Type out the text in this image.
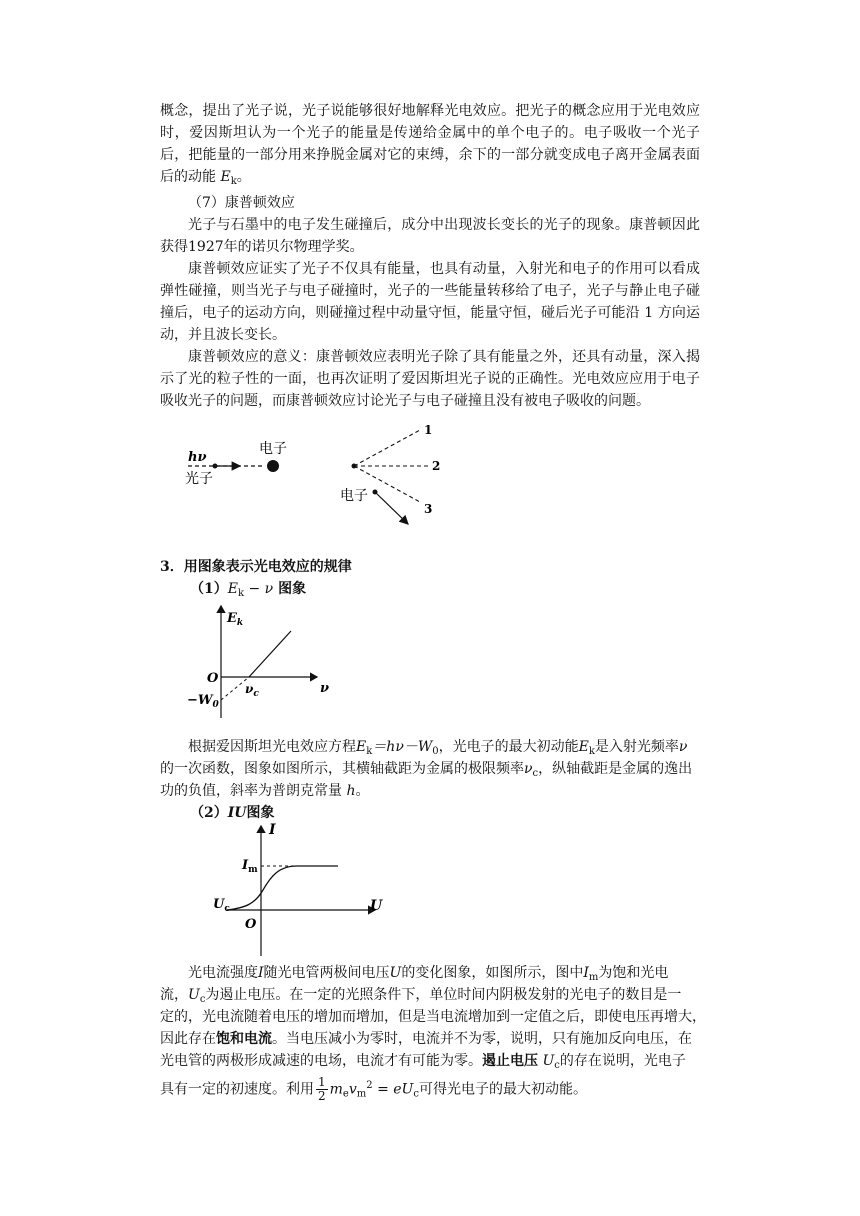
概念，提出了光子说，光子说能够很好地解释光电效应。把光子的概念应用于光电效应时，爱因斯坦认为一个光子的能量是传递给金属中的单个电子的。电子吸收一个光子后，把能量的一部分用来挣脱金属对它的束缚，余下的一部分就变成电子离开金属表面后的动能 $E_k$。

（7）康普顿效应

光子与石墨中的电子发生碰撞后，成分中出现波长变长的光子的现象。康普顿因此获得1927年的诺贝尔物理学奖。

康普顿效应证实了光子不仅具有能量，也具有动量，入射光和电子的作用可以看成弹性碰撞，则当光子与电子碰撞时，光子的一些能量转移给了电子，光子与静止电子碰撞后，电子的运动方向，则碰撞过程中动量守恒，能量守恒，碰后光子可能沿 1 方向运动，并且波长变长。

康普顿效应的意义：康普顿效应表明光子除了具有能量之外，还具有动量，深入揭示了光的粒子性的一面，也再次证明了爱因斯坦光子说的正确性。光电效应应用于电子吸收光子的问题，而康普顿效应讨论光子与电子碰撞且没有被电子吸收的问题。

hν
光子
电子
1
2
3
电子
3．用图象表示光电效应的规律
$(1)E_k - \nu$ 图象
$E_k$
O
$\nu_c$	ν
$-W_0$
根据爱因斯坦光电效应方程$E_k=h\nu-W_0$，光电子的最大初动能$E_k$是入射光频率ν
的一次函数，图象如图所示，其横轴截距为金属的极限频率$\nu_c$，纵轴截距是金属的逸出
功的负值，斜率为普朗克常量 h。
（2）IU图象
I
$I_m$
$U_c$
O
U
光电流强度I随光电管两极间电压U的变化图象，如图所示，图中$I_m$为饱和光电
流，$U_c$为遏止电压。在一定的光照条件下，单位时间内阴极发射的光电子的数目是一
定的，光电流随着电压的增加而增加，但是当电流增加到一定值之后，即使电压再增大，
因此存在饱和电流。当电压减小为零时，电流并不为零，说明，只有施加反向电压，在
光电管的两极形成减速的电场，电流才有可能为零。遏止电压 $U_c$的存在说明，光电子
具有一定的初速度。利用 $\frac{1}{2} m_ev_m^2 = eU_c$可得光电子的最大初动能。
